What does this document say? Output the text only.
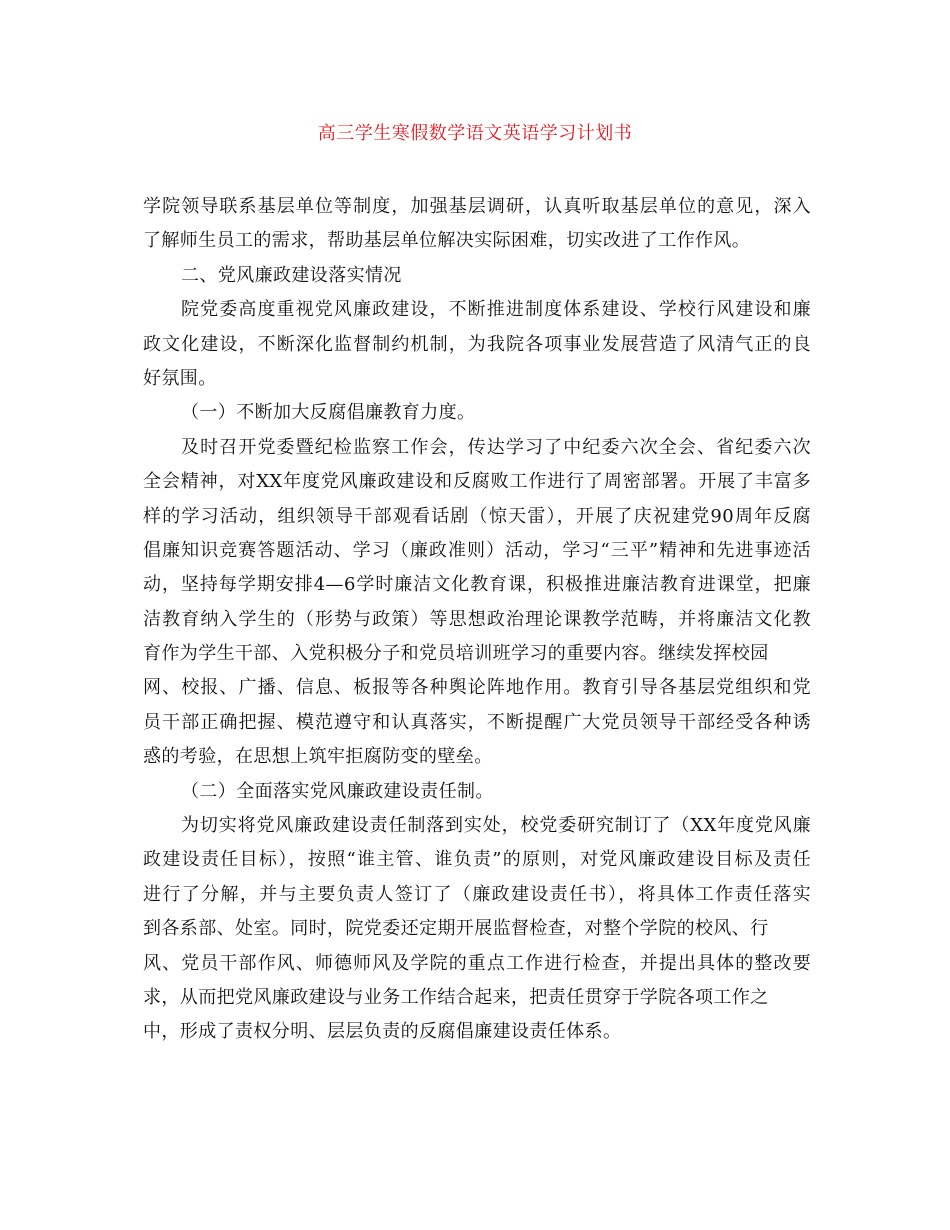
高三学生寒假数学语文英语学习计划书
学院领导联系基层单位等制度，加强基层调研，认真听取基层单位的意见，深入
了解师生员工的需求，帮助基层单位解决实际困难，切实改进了工作作风。
二、党风廉政建设落实情况
院党委高度重视党风廉政建设，不断推进制度体系建设、学校行风建设和廉
政文化建设，不断深化监督制约机制，为我院各项事业发展营造了风清气正的良
好氛围。
（一）不断加大反腐倡廉教育力度。
及时召开党委暨纪检监察工作会，传达学习了中纪委六次全会、省纪委六次
全会精神，对XX年度党风廉政建设和反腐败工作进行了周密部署。开展了丰富多
样的学习活动，组织领导干部观看话剧（惊天雷），开展了庆祝建党90周年反腐
倡廉知识竞赛答题活动、学习（廉政准则）活动，学习“三平”精神和先进事迹活
动，坚持每学期安排4—6学时廉洁文化教育课，积极推进廉洁教育进课堂，把廉
洁教育纳入学生的（形势与政策）等思想政治理论课教学范畴，并将廉洁文化教
育作为学生干部、入党积极分子和党员培训班学习的重要内容。继续发挥校园
网、校报、广播、信息、板报等各种舆论阵地作用。教育引导各基层党组织和党
员干部正确把握、模范遵守和认真落实，不断提醒广大党员领导干部经受各种诱
惑的考验，在思想上筑牢拒腐防变的壁垒。
（二）全面落实党风廉政建设责任制。
为切实将党风廉政建设责任制落到实处，校党委研究制订了（XX年度党风廉
政建设责任目标），按照“谁主管、谁负责”的原则，对党风廉政建设目标及责任
进行了分解，并与主要负责人签订了（廉政建设责任书），将具体工作责任落实
到各系部、处室。同时，院党委还定期开展监督检查，对整个学院的校风、行
风、党员干部作风、师德师风及学院的重点工作进行检查，并提出具体的整改要
求，从而把党风廉政建设与业务工作结合起来，把责任贯穿于学院各项工作之
中，形成了责权分明、层层负责的反腐倡廉建设责任体系。
